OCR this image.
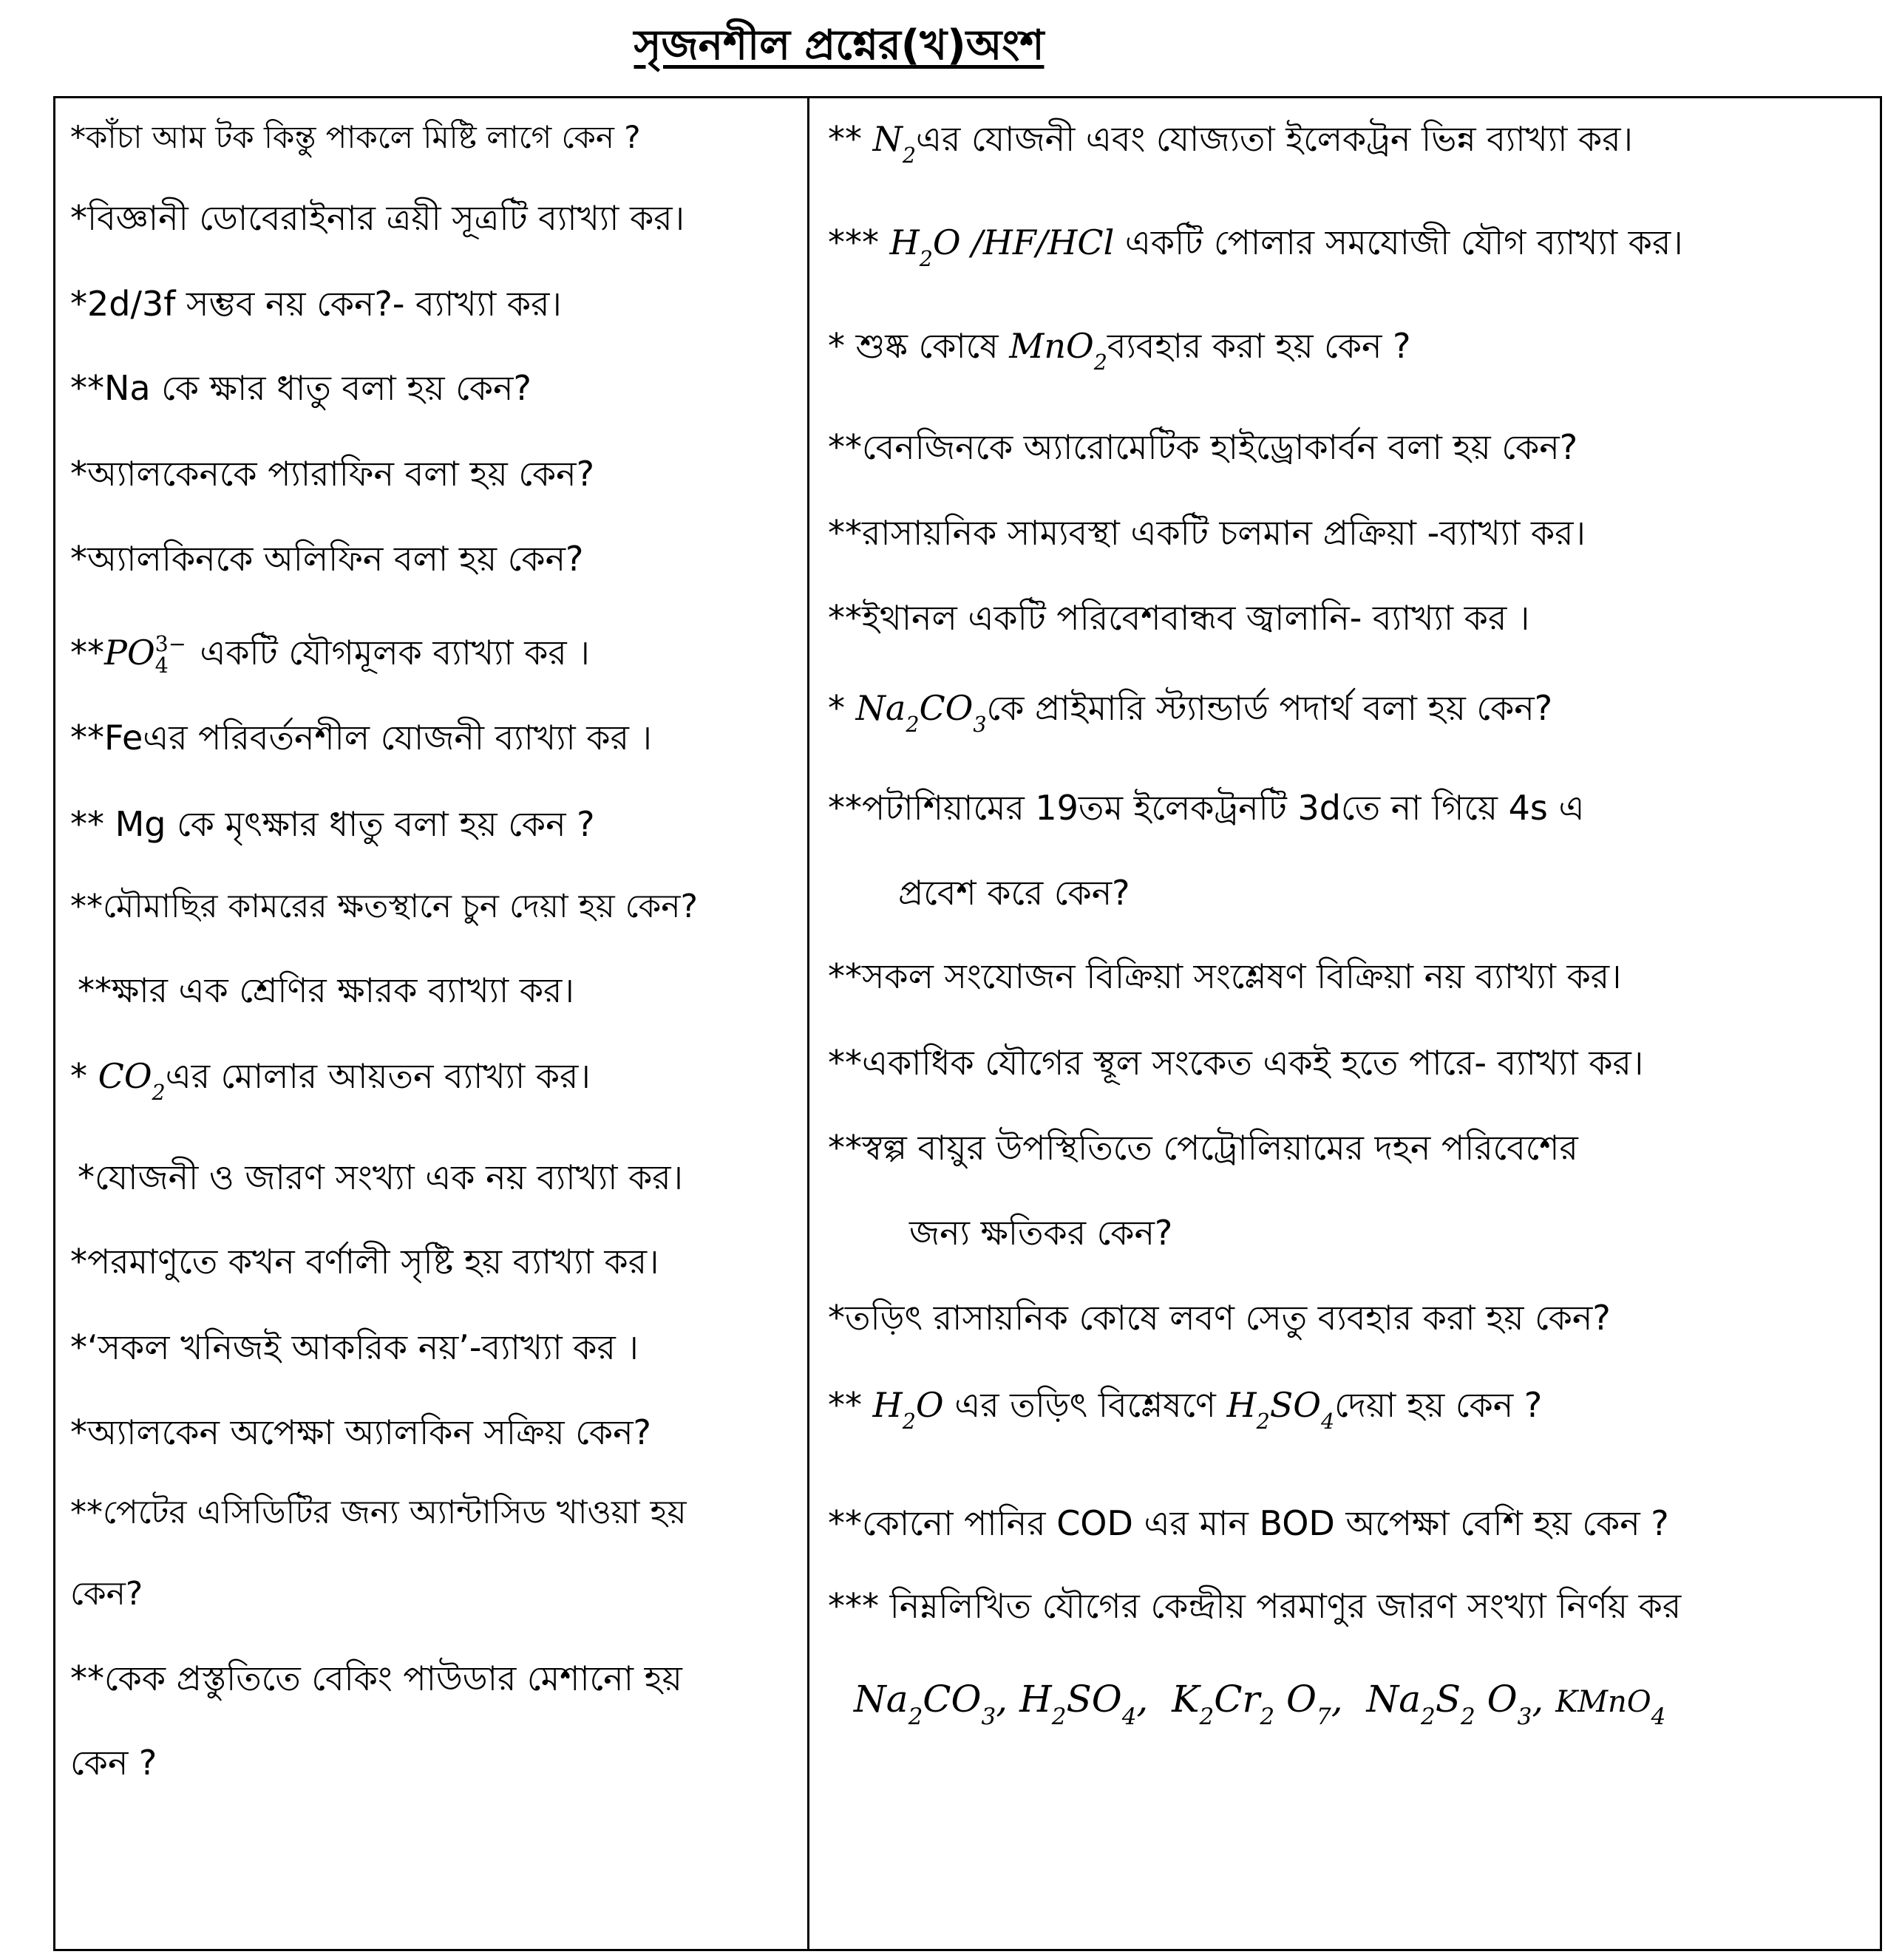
সৃজনশীল প্রশ্নের(খ)অংশ
*কাঁচা আম টক কিন্তু পাকলে মিষ্টি লাগে কেন ?
*বিজ্ঞানী ডোবেরাইনার ত্রয়ী সূত্রটি ব্যাখ্যা কর।
*2d/3f সম্ভব নয় কেন?- ব্যাখ্যা কর।
**Na কে ক্ষার ধাতু বলা হয় কেন?
*অ্যালকেনকে প্যারাফিন বলা হয় কেন?
*অ্যালকিনকে অলিফিন বলা হয় কেন?
**PO 3−
4 একটি যৌগমূলক ব্যাখ্যা কর ।
**Feএর পরিবর্তনশীল যোজনী ব্যাখ্যা কর ।
** Mg কে মৃৎক্ষার ধাতু বলা হয় কেন ?
**মৌমাছির কামরের ক্ষতস্থানে চুন দেয়া হয় কেন?
**ক্ষার এক শ্রেণির ক্ষারক ব্যাখ্যা কর।
* $CO_2এর$ মোলার আয়তন ব্যাখ্যা কর।
*যোজনী ও জারণ সংখ্যা এক নয় ব্যাখ্যা কর।
*পরমাণুতে কখন বর্ণালী সৃষ্টি হয় ব্যাখ্যা কর।
*‘সকল খনিজই আকরিক নয়’-ব্যাখ্যা কর ।
*অ্যালকেন অপেক্ষা অ্যালকিন সক্রিয় কেন?
**পেটের এসিডিটির জন্য অ্যান্টাসিড খাওয়া হয়
কেন?
**কেক প্রস্তুতিতে বেকিং পাউডার মেশানো হয়
কেন ?
** $N_2এর$ যোজনী এবং যোজ্যতা ইলেকট্রন ভিন্ন ব্যাখ্যা কর।
*** $H_2O$ /HF/HCl একটি পোলার সমযোজী যৌগ ব্যাখ্যা কর।
* শুষ্ক কোষে MnO$_2$ব্যবহার করা হয় কেন ?
**বেনজিনকে অ্যারোমেটিক হাইড্রোকার্বন বলা হয় কেন?
**রাসায়নিক সাম্যবস্থা একটি চলমান প্রক্রিয়া -ব্যাখ্যা কর।
**ইথানল একটি পরিবেশবান্ধব জ্বালানি- ব্যাখ্যা কর ।
* $Na_2CO_3কে$ প্রাইমারি স্ট্যান্ডার্ড পদার্থ বলা হয় কেন?
**পটাশিয়ামের 19তম ইলেকট্রনটি 3dতে না গিয়ে 4s এ
প্রবেশ করে কেন?
**সকল সংযোজন বিক্রিয়া সংশ্লেষণ বিক্রিয়া নয় ব্যাখ্যা কর।
**একাধিক যৌগের স্থূল সংকেত একই হতে পারে- ব্যাখ্যা কর।
**স্বল্প বায়ুর উপস্থিতিতে পেট্রোলিয়ামের দহন পরিবেশের
জন্য ক্ষতিকর কেন?
*তড়িৎ রাসায়নিক কোষে লবণ সেতু ব্যবহার করা হয় কেন?
** $H_2O$ এর তড়িৎ বিশ্লেষণে $H_2SO_4দেয়া$ হয় কেন ?
**কোনো পানির COD এর মান BOD অপেক্ষা বেশি হয় কেন ?
*** নিম্নলিখিত যৌগের কেন্দ্রীয় পরমাণুর জারণ সংখ্যা নির্ণয় কর
$Na_2CO_3$, $H_2SO_4$, $K_2Cr_2$ $O_7$, $Na_2S_2$ $O_3$, KMnO$_4$
